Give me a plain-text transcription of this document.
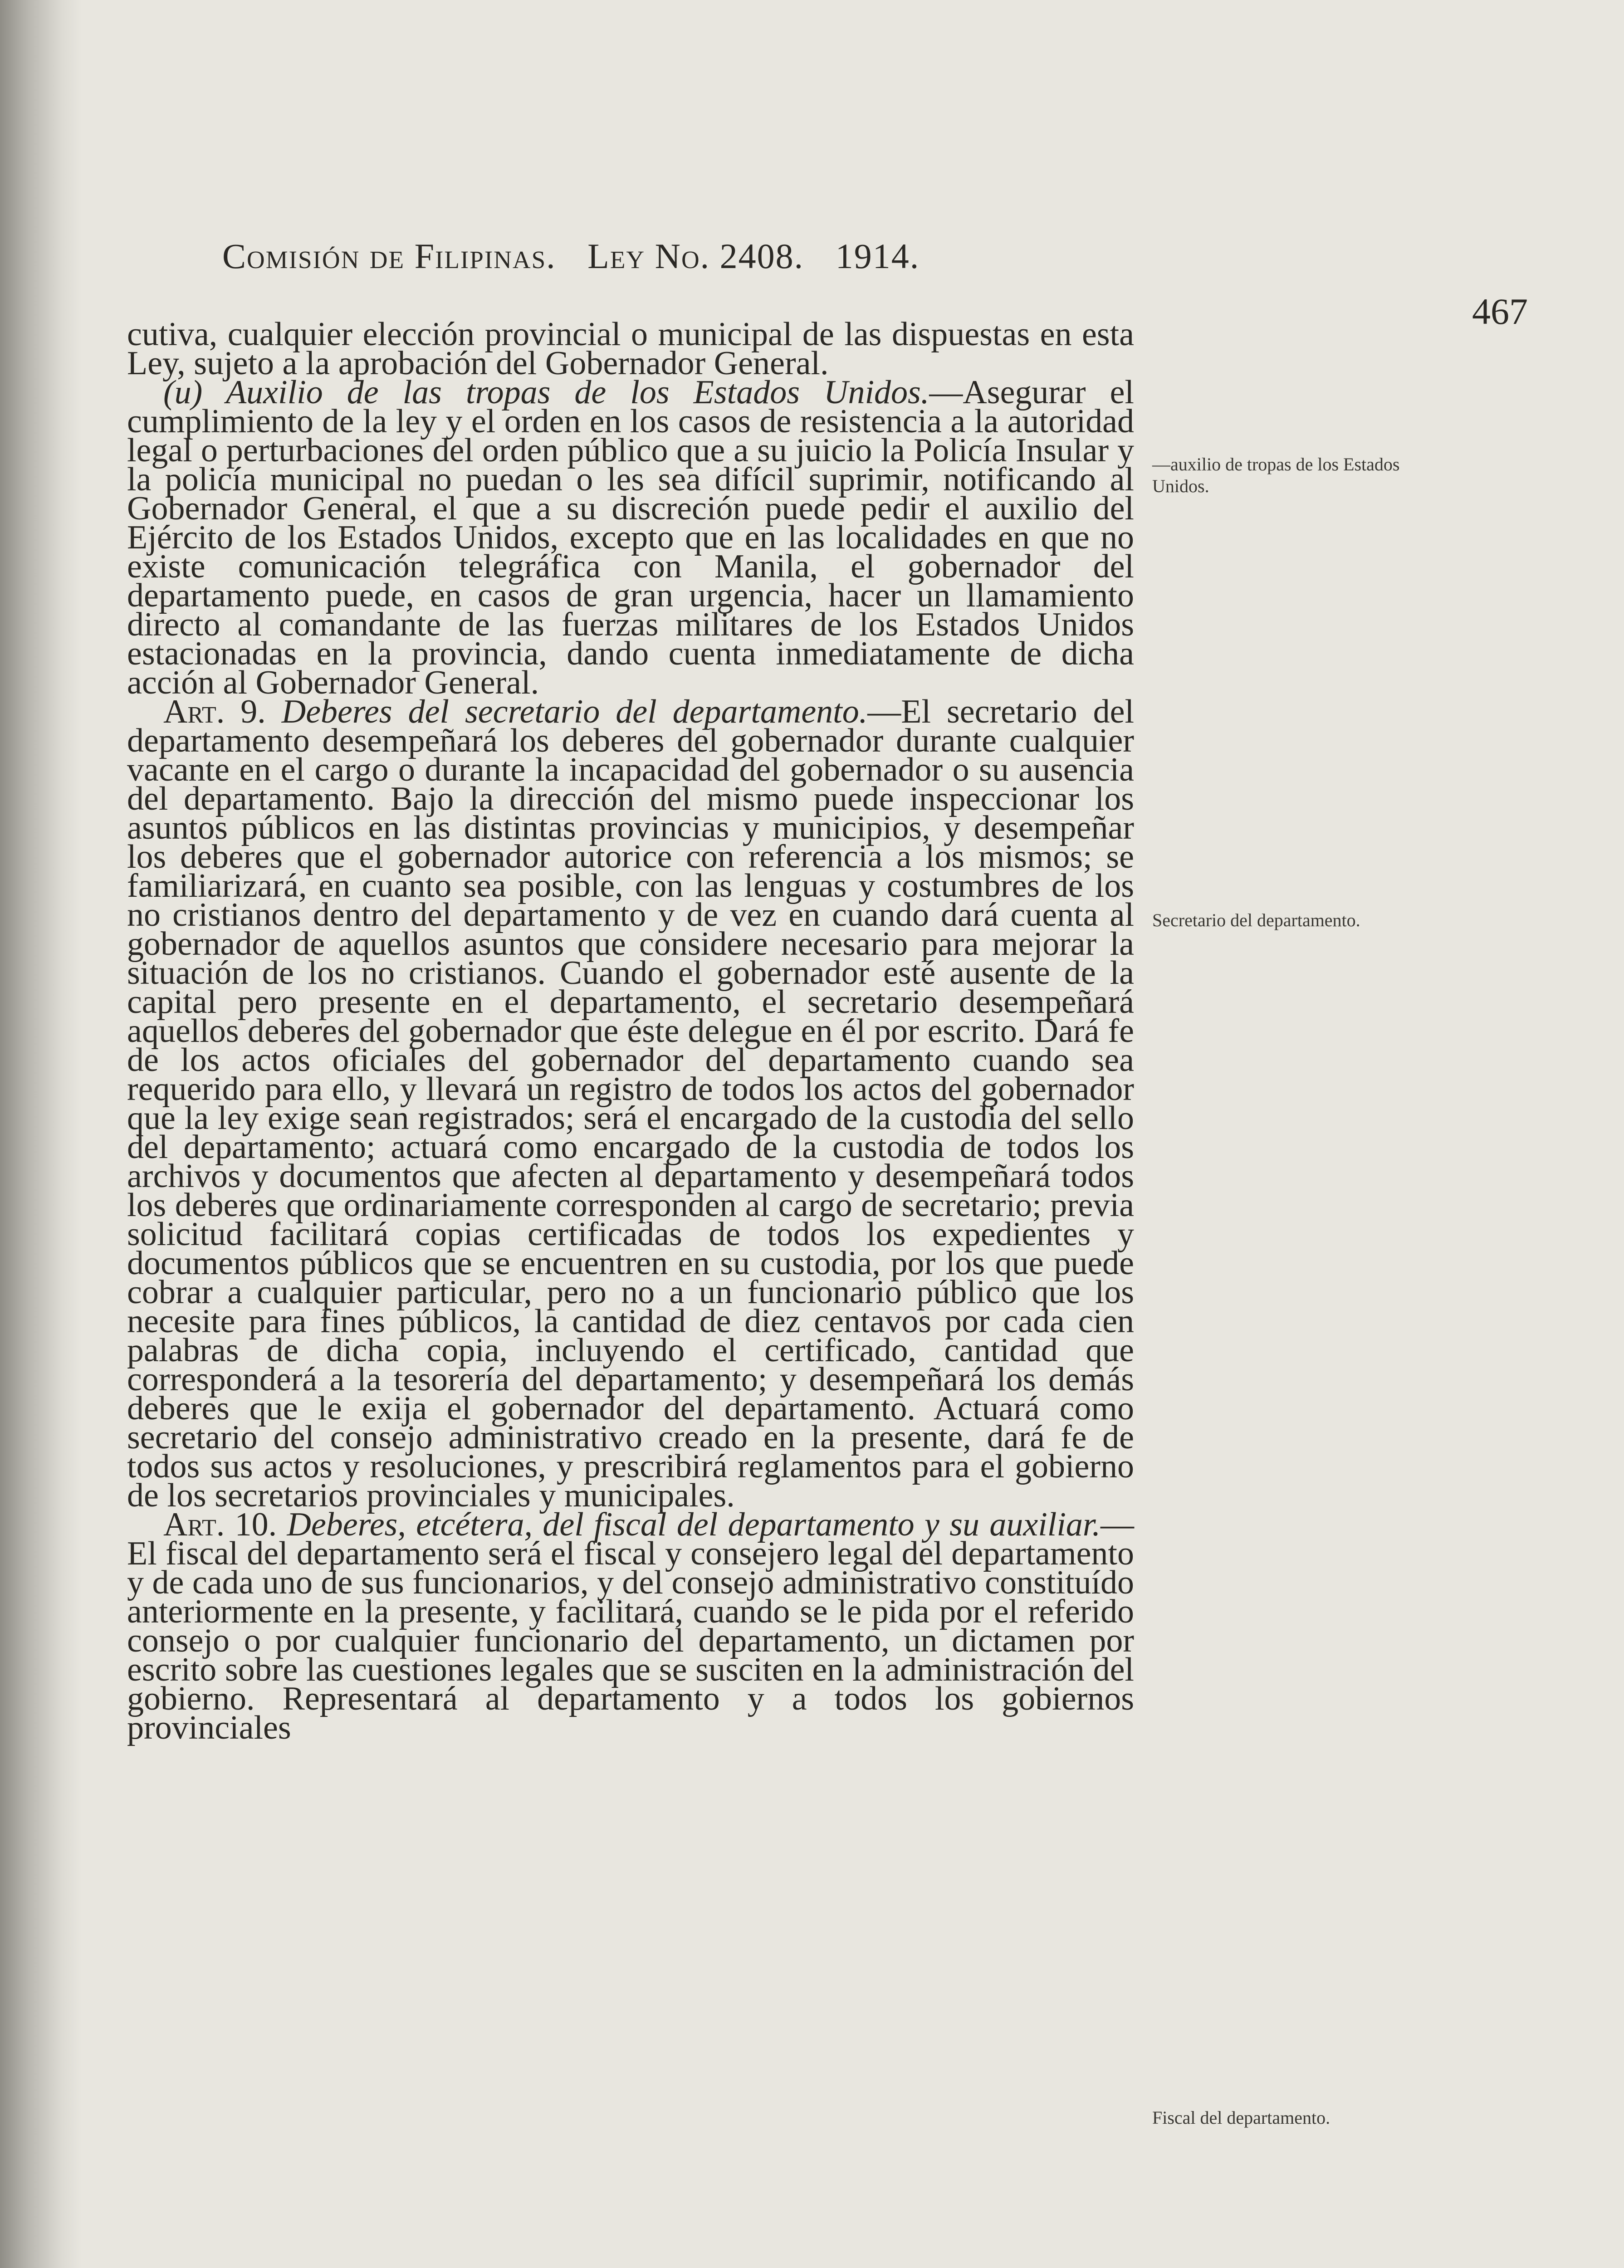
Comisión de Filipinas. Ley No. 2408. 1914.
467

cutiva, cualquier elección provincial o municipal de las dispuestas en esta Ley, sujeto a la aprobación del Gobernador General.

(u) Auxilio de las tropas de los Estados Unidos.—Asegurar el cumplimiento de la ley y el orden en los casos de resistencia a la autoridad legal o perturbaciones del orden público que a su juicio la Policía Insular y la policía municipal no puedan o les sea difícil suprimir, notificando al Gobernador General, el que a su discreción puede pedir el auxilio del Ejército de los Estados Unidos, excepto que en las localidades en que no existe comunicación telegráfica con Manila, el gobernador del departamento puede, en casos de gran urgencia, hacer un llamamiento directo al comandante de las fuerzas militares de los Estados Unidos estacionadas en la provincia, dando cuenta inmediatamente de dicha acción al Gobernador General.

Art. 9. Deberes del secretario del departamento.—El secretario del departamento desempeñará los deberes del gobernador durante cualquier vacante en el cargo o durante la incapacidad del gobernador o su ausencia del departamento. Bajo la dirección del mismo puede inspeccionar los asuntos públicos en las distintas provincias y municipios, y desempeñar los deberes que el gobernador autorice con referencia a los mismos; se familiarizará, en cuanto sea posible, con las lenguas y costumbres de los no cristianos dentro del departamento y de vez en cuando dará cuenta al gobernador de aquellos asuntos que considere necesario para mejorar la situación de los no cristianos. Cuando el gobernador esté ausente de la capital pero presente en el departamento, el secretario desempeñará aquellos deberes del gobernador que éste delegue en él por escrito. Dará fe de los actos oficiales del gobernador del departamento cuando sea requerido para ello, y llevará un registro de todos los actos del gobernador que la ley exige sean registrados; será el encargado de la custodia del sello del departamento; actuará como encargado de la custodia de todos los archivos y documentos que afecten al departamento y desempeñará todos los deberes que ordinariamente corresponden al cargo de secretario; previa solicitud facilitará copias certificadas de todos los expedientes y documentos públicos que se encuentren en su custodia, por los que puede cobrar a cualquier particular, pero no a un funcionario público que los necesite para fines públicos, la cantidad de diez centavos por cada cien palabras de dicha copia, incluyendo el certificado, cantidad que corresponderá a la tesorería del departamento; y desempeñará los demás deberes que le exija el gobernador del departamento. Actuará como secretario del consejo administrativo creado en la presente, dará fe de todos sus actos y resoluciones, y prescribirá reglamentos para el gobierno de los secretarios provinciales y municipales.

Art. 10. Deberes, etcétera, del fiscal del departamento y su auxiliar.—El fiscal del departamento será el fiscal y consejero legal del departamento y de cada uno de sus funcionarios, y del consejo administrativo constituído anteriormente en la presente, y facilitará, cuando se le pida por el referido consejo o por cualquier funcionario del departamento, un dictamen por escrito sobre las cuestiones legales que se susciten en la administración del gobierno. Representará al departamento y a todos los gobiernos provinciales

—auxilio de tropas de los Estados Unidos.
Secretario del departamento.
Fiscal del departamento.
